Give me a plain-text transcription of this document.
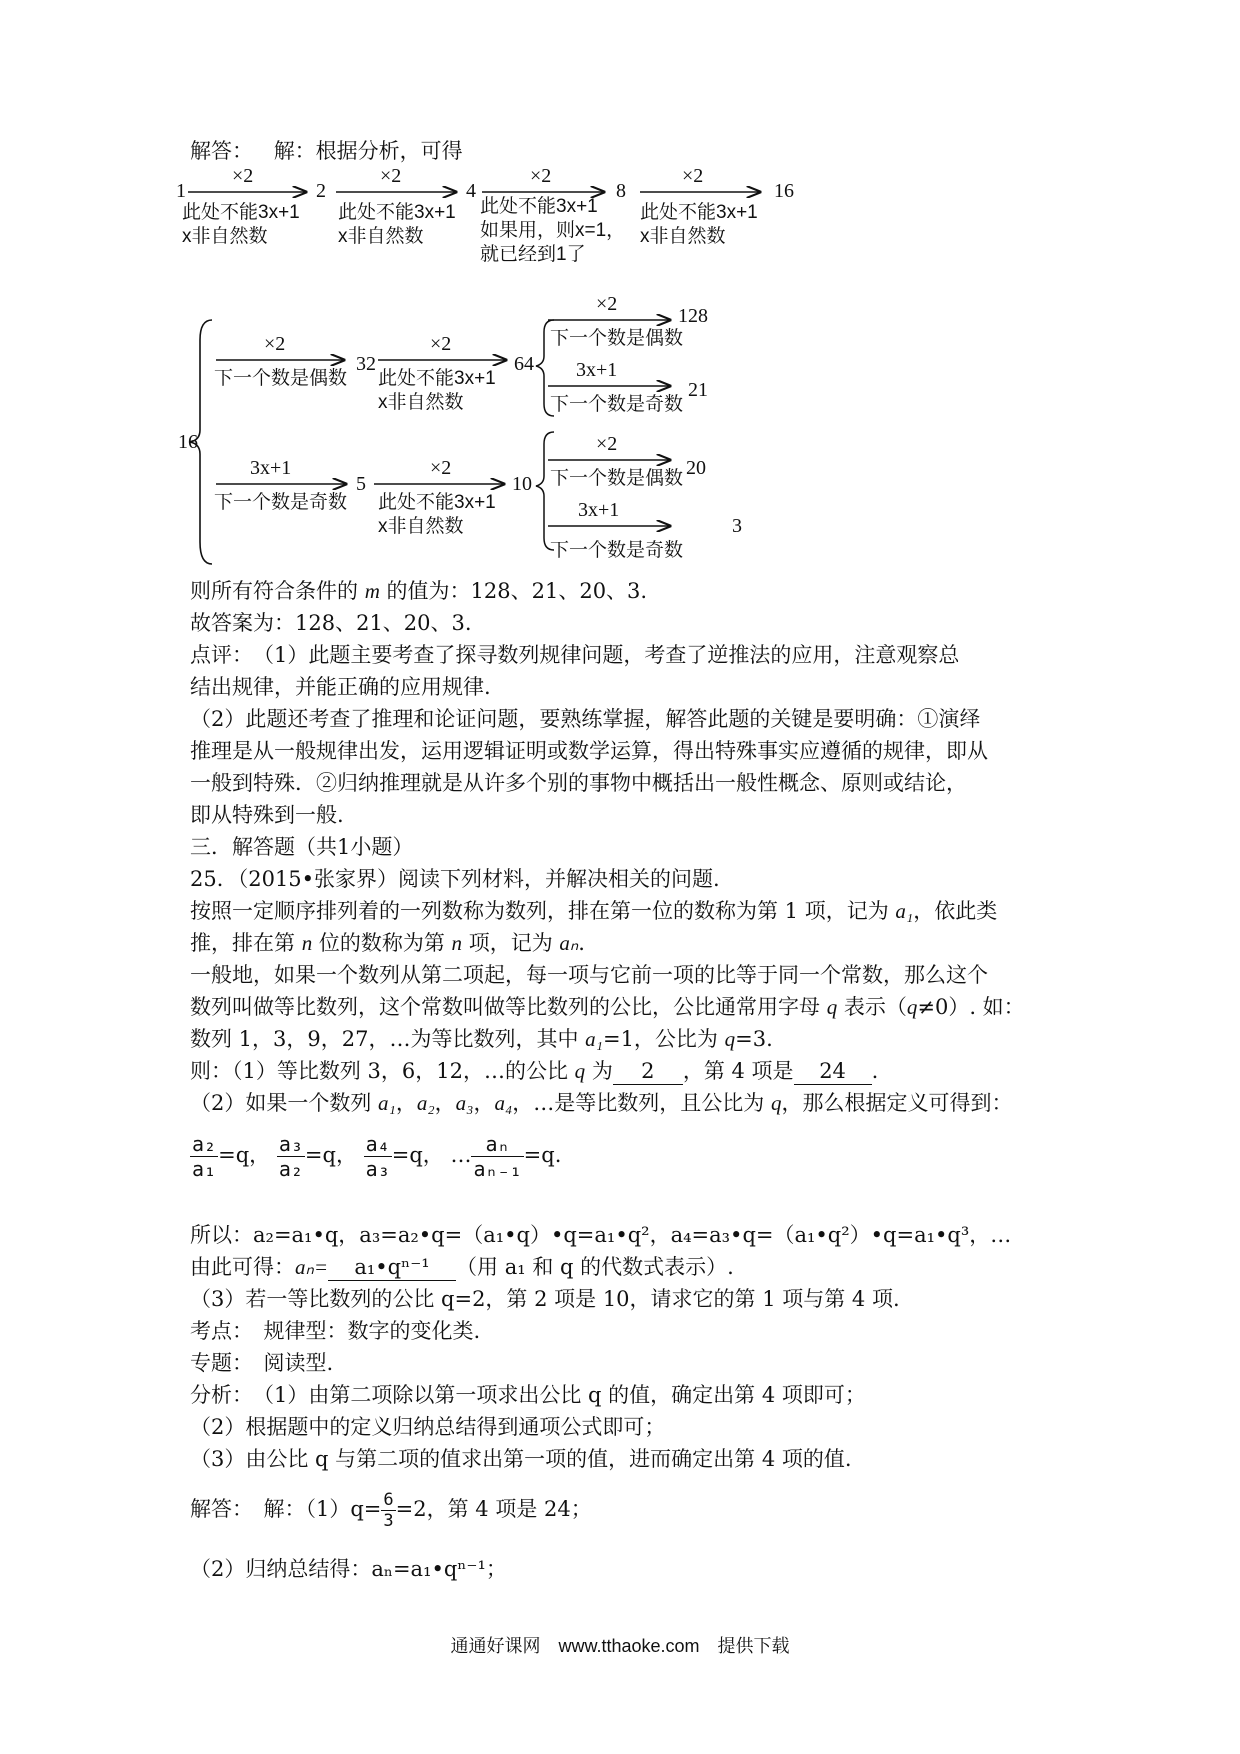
解答： 解：根据分析，可得
1
×2
此处不能3x+1
x非自然数
2
×2
此处不能3x+1
x非自然数
4
×2
此处不能3x+1
如果用，则x=1，
就已经到1了
8
×2
此处不能3x+1
x非自然数
16
16
×2
下一个数是偶数
32
×2
此处不能3x+1
x非自然数
64
×2
下一个数是偶数
128
3x+1
下一个数是奇数
21
3x+1
下一个数是奇数
5
×2
此处不能3x+1
x非自然数
10
×2
下一个数是偶数 20
3x+1
下一个数是奇数
3
则所有符合条件的 m 的值为：128、21、20、3.
故答案为：128、21、20、3.
点评：　（1）此题主要考查了探寻数列规律问题，考查了逆推法的应用，注意观察总
结出规律，并能正确的应用规律.
（2）此题还考查了推理和论证问题，要熟练掌握，解答此题的关键是要明确：①演绎
推理是从一般规律出发，运用逻辑证明或数学运算，得出特殊事实应遵循的规律，即从
一般到特殊．②归纳推理就是从许多个别的事物中概括出一般性概念、原则或结论，
即从特殊到一般.
三．解答题（共1小题）
25．（2015•张家界）阅读下列材料，并解决相关的问题.
按照一定顺序排列着的一列数称为数列，排在第一位的数称为第 1 项，记为 a₁，依此类
推，排在第 n 位的数称为第 n 项，记为 aₙ.
一般地，如果一个数列从第二项起，每一项与它前一项的比等于同一个常数，那么这个
数列叫做等比数列，这个常数叫做等比数列的公比，公比通常用字母 q 表示（q≠0）. 如：
数列 1，3，9，27，…为等比数列，其中 a₁=1，公比为 q=3.
则：（1）等比数列 3，6，12，…的公比 q 为 2 ，第 4 项是 24 .
（2）如果一个数列 a₁，a₂，a₃，a₄，…是等比数列，且公比为 q，那么根据定义可得到：
$\frac{\text{a₂}}{\text{a₁}} =q$， $\frac{\text{a₃}}{\text{a₂}} =q$， $\frac{\text{a₄}}{\text{a₃}} =q$， … $\frac{\text{aₙ}}{\text{aₙ₋₁}} =q$.
所以：a₂=a₁•q，a₃=a₂•q=（a₁•q）•q=a₁•q²，a₄=a₃•q=（a₁•q²）•q=a₁•q³，…
由此可得：aₙ= a₁•qⁿ⁻¹ （用 a₁ 和 q 的代数式表示）.
（3）若一等比数列的公比 q=2，第 2 项是 10，请求它的第 1 项与第 4 项.
考点：　规律型：数字的变化类.
专题：　阅读型.
分析：　（1）由第二项除以第一项求出公比 q 的值，确定出第 4 项即可；
（2）根据题中的定义归纳总结得到通项公式即可；
（3）由公比 q 与第二项的值求出第一项的值，进而确定出第 4 项的值.
解答：　解：$(1)q= \frac{6}{3} =2$，第 4 项是 24；
（2）归纳总结得：aₙ=a₁•qⁿ⁻¹；
通通好课网　www.tthaoke.com　提供下载
